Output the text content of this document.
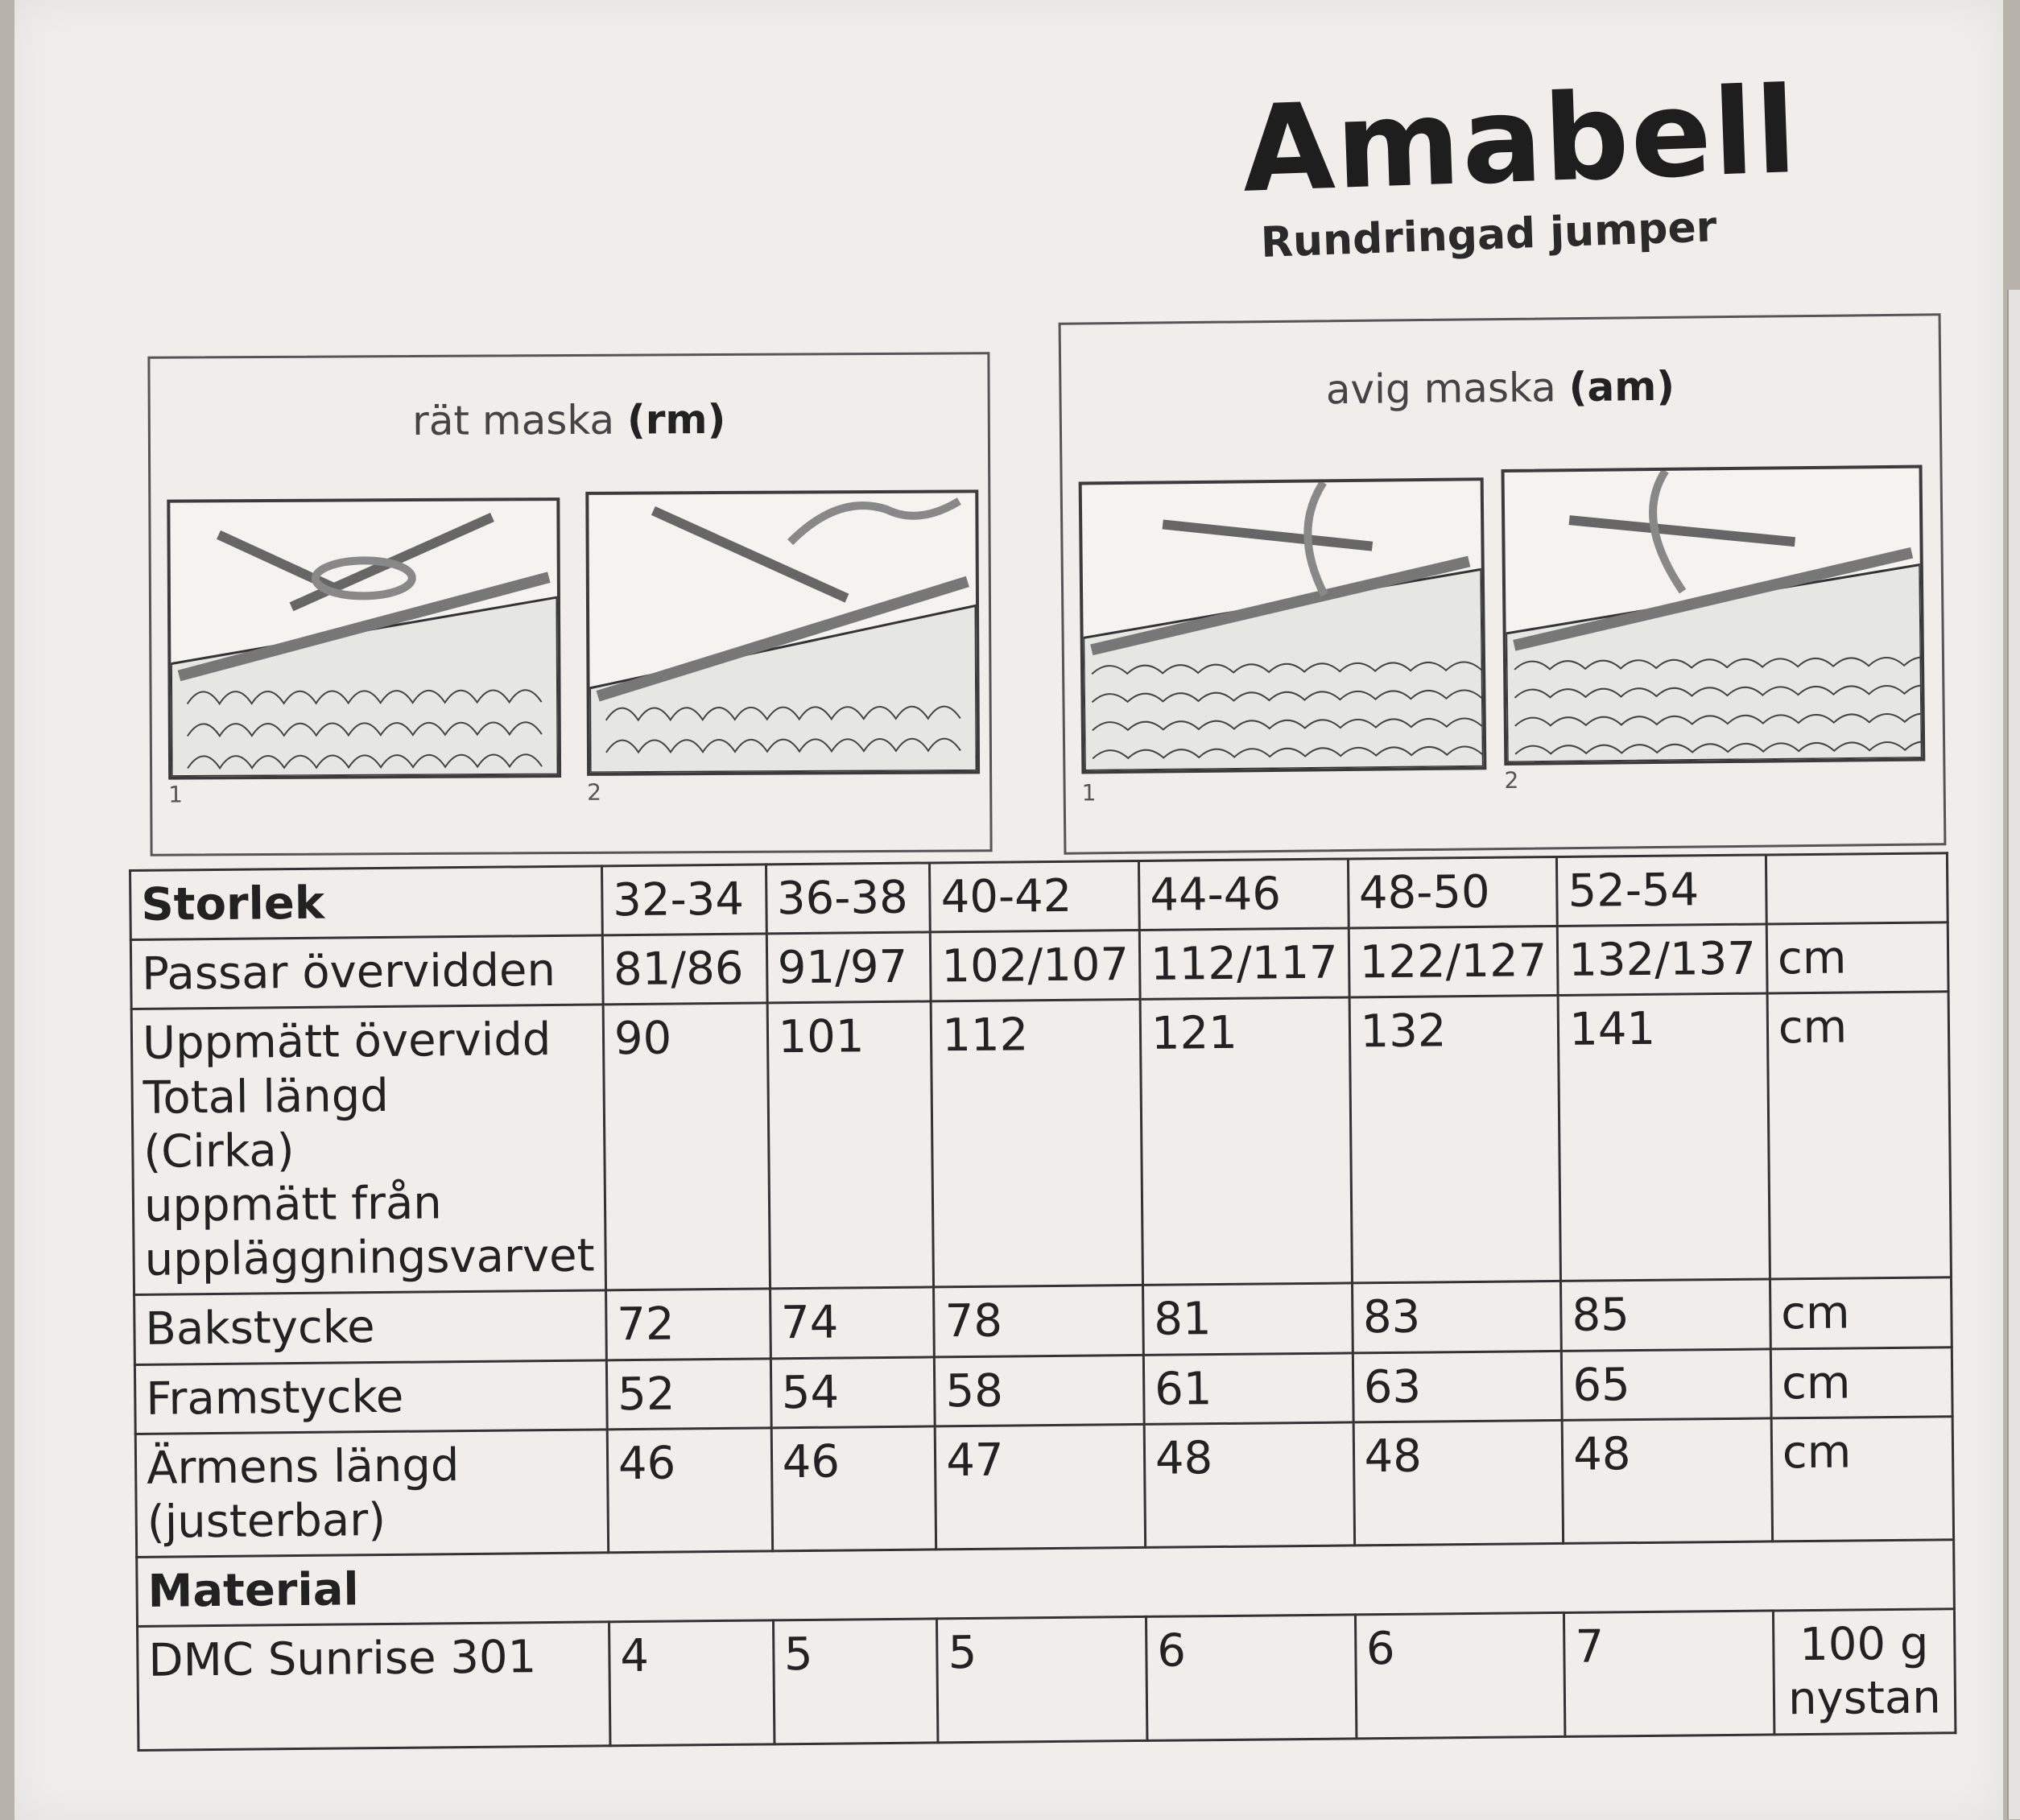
Amabell
Rundringad jumper
rät maska (rm)
1	2
avig maska (am)
1	2
Storlek	32-34	36-38	40-42	44-46	48-50	52-54	
Passar övervidden	81/86	91/97	102/107	112/117	122/127	132/137	cm

Uppmätt övervidd
Total längd
(Cirka)
uppmätt från
uppläggningsvarvet	90	101	112	121	132	141	cm
Bakstycke	72	74	78	81	83	85	cm
Framstycke	52	54	58	61	63	65	cm

Ärmens längd
(justerbar)	46	46	47	48	48	48	cm
Material							
DMC Sunrise 301	4	5	5	6	6	7	100 g
nystan
